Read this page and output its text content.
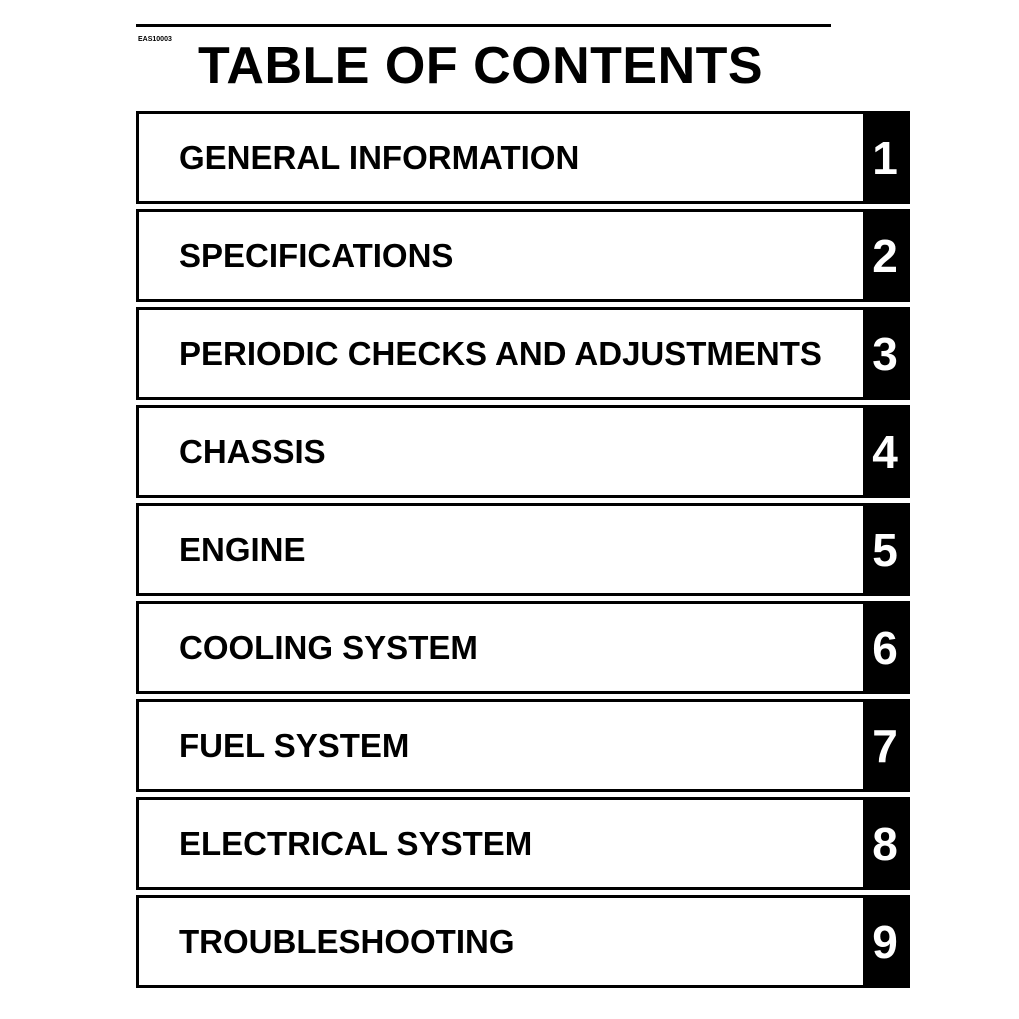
EAS10003 TABLE OF CONTENTS
GENERAL INFORMATION	1
SPECIFICATIONS	2
PERIODIC CHECKS AND ADJUSTMENTS 3
CHASSIS	4
ENGINE	5
COOLING SYSTEM	6
FUEL SYSTEM	7
ELECTRICAL SYSTEM	8
TROUBLESHOOTING	9
